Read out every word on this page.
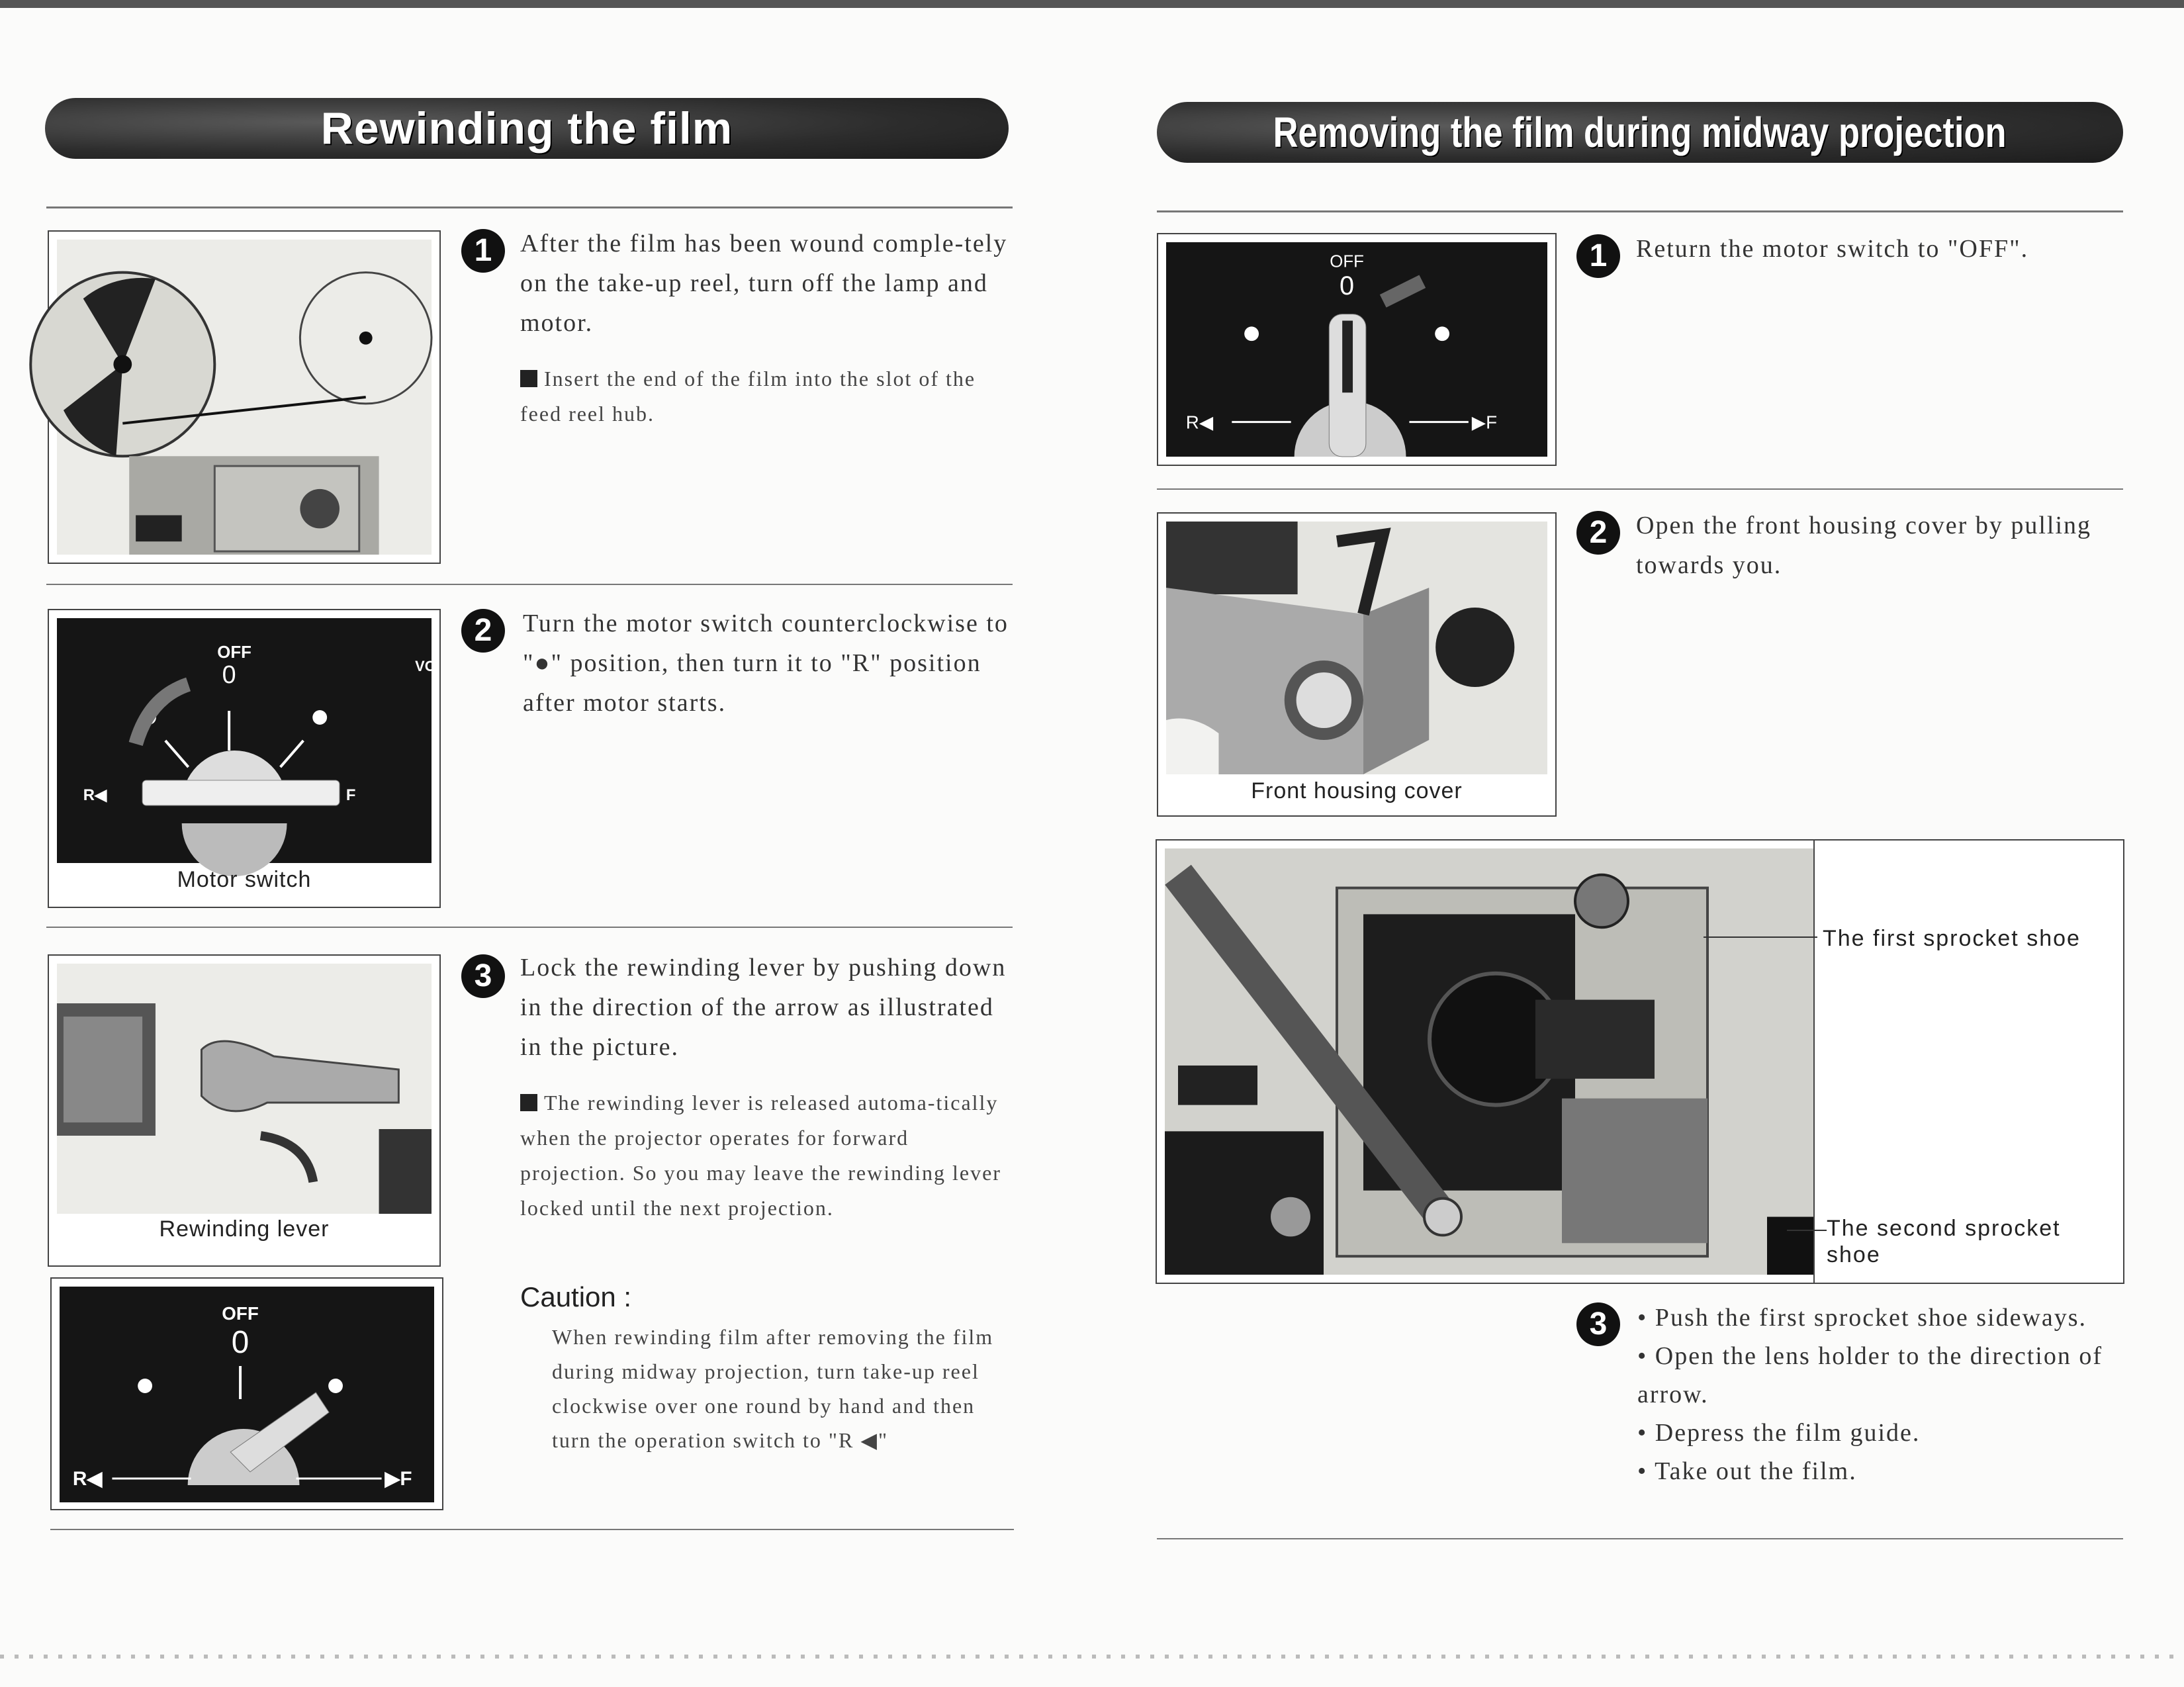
Rewinding the film
1	After the film has been wound comple-tely on the take-up reel, turn off the lamp and motor.
Insert the end of the film into the slot of the feed reel hub.
OFF
0	VO
R◀	F
Motor switch
2	Turn the motor switch counterclockwise to "●" position, then turn it to "R" position after motor starts.
Rewinding lever
3	Lock the rewinding lever by pushing down in the direction of the arrow as illustrated in the picture.
The rewinding lever is released automa-tically when the projector operates for forward projection. So you may leave the rewinding lever locked until the next projection.
OFF
0
R◀	▶F
Caution :
When rewinding film after removing the film during midway projection, turn take-up reel clockwise over one round by hand and then turn the operation switch to "R ◀"
Removing the film during midway projection
OFF
0
R◀	▶F
1	Return the motor switch to "OFF".
Front housing cover
2	Open the front housing cover by pulling towards you.
The first sprocket shoe
The second sprocket shoe
3	• Push the first sprocket shoe sideways.
• Open the lens holder to the direction of arrow.
• Depress the film guide.
• Take out the film.
